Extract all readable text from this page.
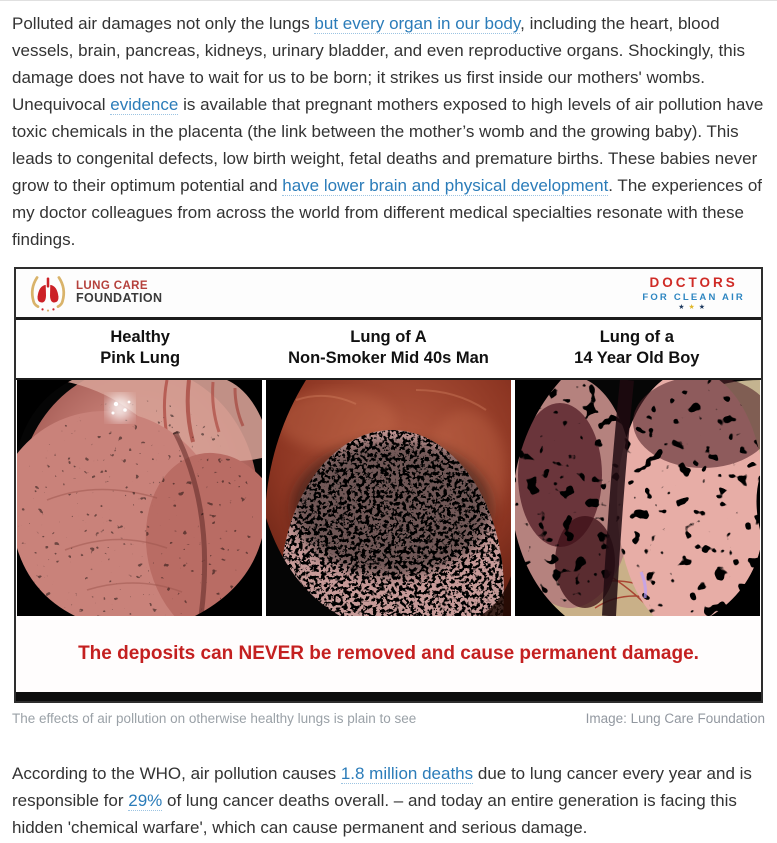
Polluted air damages not only the lungs but every organ in our body, including the heart, blood vessels, brain, pancreas, kidneys, urinary bladder, and even reproductive organs. Shockingly, this damage does not have to wait for us to be born; it strikes us first inside our mothers' wombs. Unequivocal evidence is available that pregnant mothers exposed to high levels of air pollution have toxic chemicals in the placenta (the link between the mother’s womb and the growing baby). This leads to congenital defects, low birth weight, fetal deaths and premature births. These babies never grow to their optimum potential and have lower brain and physical development. The experiences of my doctor colleagues from across the world from different medical specialties resonate with these findings.

LUNG CARE
FOUNDATION
DOCTORS
FOR CLEAN AIR
★★★
Healthy
Pink Lung
Lung of A
Non-Smoker Mid 40s Man
Lung of a
14 Year Old Boy
The deposits can NEVER be removed and cause permanent damage.
The effects of air pollution on otherwise healthy lungs is plain to see	Image: Lung Care Foundation

According to the WHO, air pollution causes 1.8 million deaths due to lung cancer every year and is responsible for 29% of lung cancer deaths overall. – and today an entire generation is facing this hidden 'chemical warfare', which can cause permanent and serious damage.
